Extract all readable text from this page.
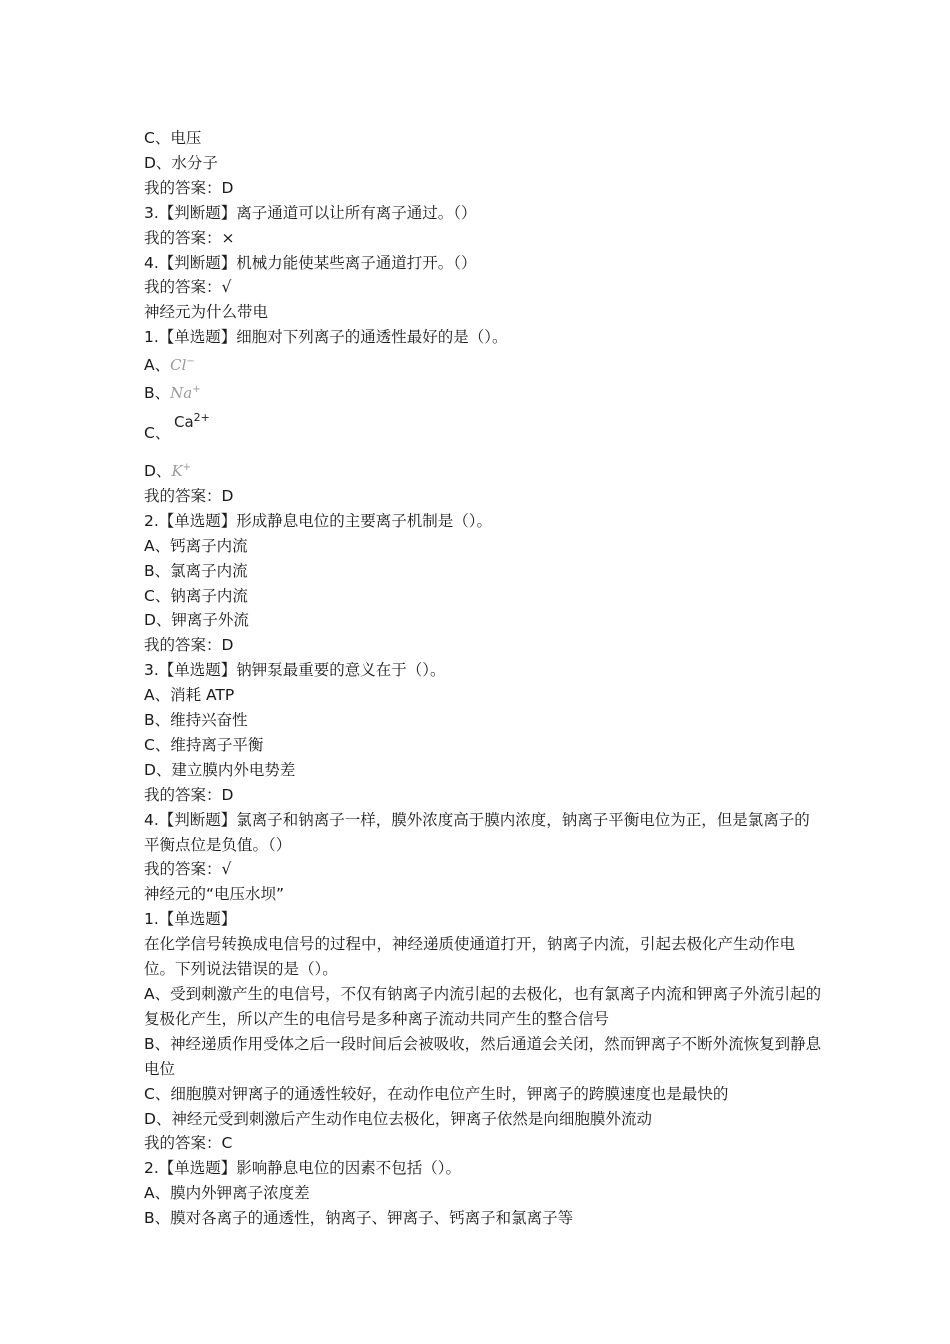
C、电压
D、水分子
我的答案：D
3.【判断题】离子通道可以让所有离子通过。（）
我的答案：×
4.【判断题】机械力能使某些离子通道打开。（）
我的答案：√
神经元为什么带电
1.【单选题】细胞对下列离子的通透性最好的是（）。
A、Cl−
B、Na+
$Ca^{2+}$
C、
D、K+
我的答案：D
2.【单选题】形成静息电位的主要离子机制是（）。
A、钙离子内流
B、氯离子内流
C、钠离子内流
D、钾离子外流
我的答案：D
3.【单选题】钠钾泵最重要的意义在于（）。
A、消耗 ATP
B、维持兴奋性
C、维持离子平衡
D、建立膜内外电势差
我的答案：D
4.【判断题】氯离子和钠离子一样，膜外浓度高于膜内浓度，钠离子平衡电位为正，但是氯离子的平衡点位是负值。（）
我的答案：√
神经元的“电压水坝”
1.【单选题】
在化学信号转换成电信号的过程中，神经递质使通道打开，钠离子内流，引起去极化产生动作电位。下列说法错误的是（）。
A、受到刺激产生的电信号，不仅有钠离子内流引起的去极化，也有氯离子内流和钾离子外流引起的复极化产生，所以产生的电信号是多种离子流动共同产生的整合信号
B、神经递质作用受体之后一段时间后会被吸收，然后通道会关闭，然而钾离子不断外流恢复到静息电位
C、细胞膜对钾离子的通透性较好，在动作电位产生时，钾离子的跨膜速度也是最快的
D、神经元受到刺激后产生动作电位去极化，钾离子依然是向细胞膜外流动
我的答案：C
2.【单选题】影响静息电位的因素不包括（）。
A、膜内外钾离子浓度差
B、膜对各离子的通透性，钠离子、钾离子、钙离子和氯离子等
